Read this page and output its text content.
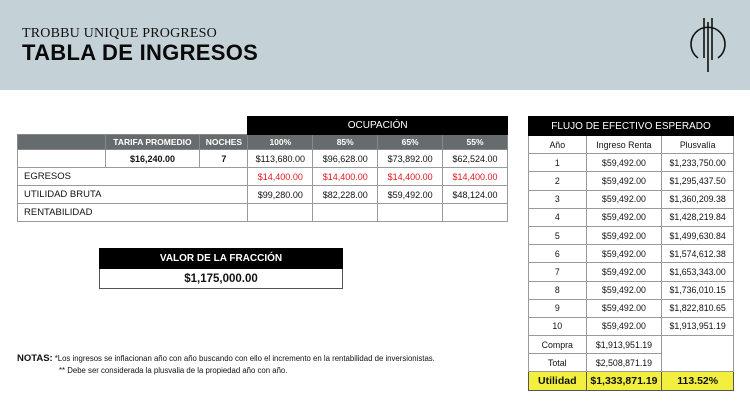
TROBBU UNIQUE PROGRESO
TABLA DE INGRESOS
			OCUPACIÓN			
	TARIFA PROMEDIO	NOCHES	100%	85%	65%	55%
	$16,240.00	7	$113,680.00	$96,628.00	$73,892.00	$62,524.00
EGRESOS			$14,400.00	$14,400.00	$14,400.00	$14,400.00
UTILIDAD BRUTA			$99,280.00	$82,228.00	$59,492.00	$48,124.00
RENTABILIDAD						
VALOR DE LA FRACCIÓN
$1,175,000.00
FLUJO DE EFECTIVO ESPERADO		
Año	Ingreso Renta	Plusvalía
1	$59,492.00	$1,233,750.00
2	$59,492.00	$1,295,437.50
3	$59,492.00	$1,360,209.38
4	$59,492.00	$1,428,219.84
5	$59,492.00	$1,499,630.84
6	$59,492.00	$1,574,612.38
7	$59,492.00	$1,653,343.00
8	$59,492.00	$1,736,010.15
9	$59,492.00	$1,822,810.65
10	$59,492.00	$1,913,951.19
Compra	$1,913,951.19	
Total	$2,508,871.19	
Utilidad	$1,333,871.19	113.52%
NOTAS: *Los ingresos se inflacionan año con año buscando con ello el incremento en la rentabilidad de inversionistas.
** Debe ser considerada la plusvalia de la propiedad año con año.
